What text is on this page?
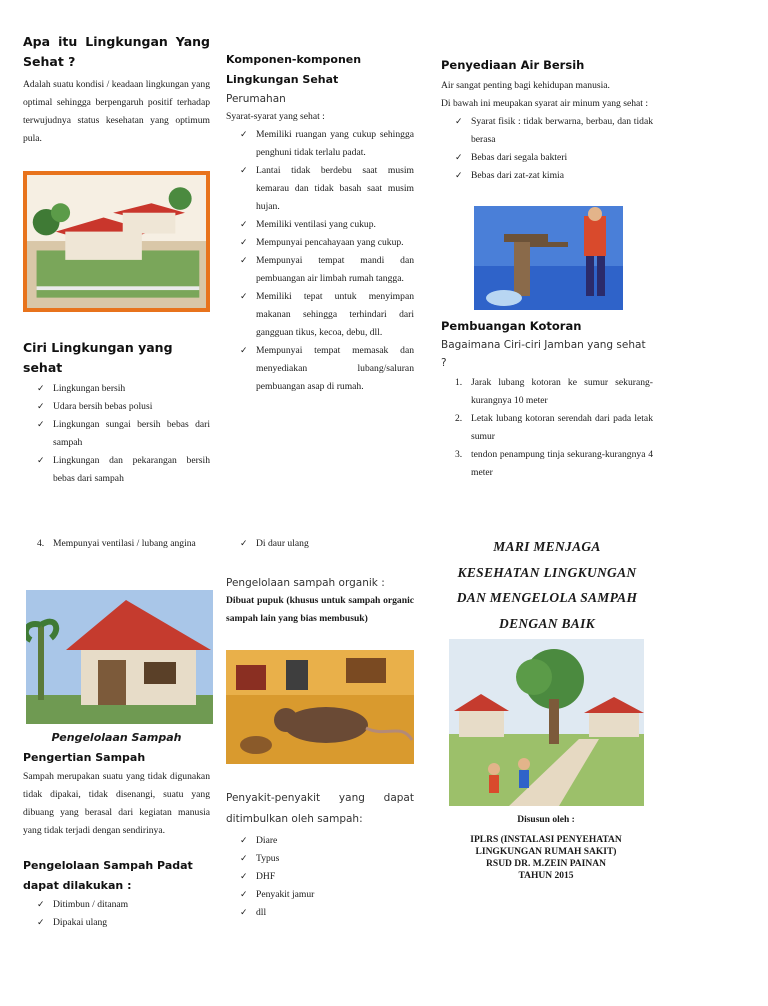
Apa itu Lingkungan Yang
Sehat ?

Adalah suatu kondisi / keadaan lingkungan yang optimal sehingga berpengaruh positif terhadap terwujudnya status kesehatan yang optimum pula.

Ciri Lingkungan yang sehat
✓ Lingkungan bersih
✓ Udara bersih bebas polusi
✓ Lingkungan sungai bersih bebas dari sampah
✓ Lingkungan dan pekarangan bersih bebas dari sampah
Komponen-komponen Lingkungan Sehat
Perumahan
Syarat-syarat yang sehat :
✓ Memiliki ruangan yang cukup sehingga penghuni tidak terlalu padat.
✓ Lantai tidak berdebu saat musim kemarau dan tidak basah saat musim hujan.
✓ Memiliki ventilasi yang cukup.
✓ Mempunyai pencahayaan yang cukup.
✓ Mempunyai tempat mandi dan pembuangan air limbah rumah tangga.
✓ Memiliki tepat untuk menyimpan makanan sehingga terhindari dari gangguan tikus, kecoa, debu, dll.
✓ Mempunyai tempat memasak dan menyediakan lubang/saluran pembuangan asap di rumah.
Penyediaan Air Bersih
Air sangat penting bagi kehidupan manusia.
Di bawah ini meupakan syarat air minum yang sehat :
✓ Syarat fisik : tidak berwarna, berbau, dan tidak berasa
✓ Bebas dari segala bakteri
✓ Bebas dari zat-zat kimia
Pembuangan Kotoran
Bagaimana Ciri-ciri Jamban yang sehat ?
1. Jarak lubang kotoran ke sumur sekurang-kurangnya 10 meter
2. Letak lubang kotoran serendah dari pada letak sumur
3. tendon penampung tinja sekurang-kurangnya 4 meter
4. Mempunyai ventilasi / lubang angina
Pengelolaan Sampah
Pengertian Sampah

Sampah merupakan suatu yang tidak digunakan tidak dipakai, tidak disenangi, suatu yang dibuang yang berasal dari kegiatan manusia yang tidak terjadi dengan sendirinya.

Pengelolaan Sampah Padat dapat dilakukan :
✓ Ditimbun / ditanam
✓ Dipakai ulang
✓ Di daur ulang
Pengelolaan sampah organik :

Dibuat pupuk (khusus untuk sampah organic sampah lain yang bias membusuk)

Penyakit-penyakit yang dapat ditimbulkan oleh sampah:
✓ Diare
✓ Typus
✓ DHF
✓ Penyakit jamur
✓ dll
MARI MENJAGA
KESEHATAN LINGKUNGAN
DAN MENGELOLA SAMPAH
DENGAN BAIK
Disusun oleh :
IPLRS (INSTALASI PENYEHATAN
LINGKUNGAN RUMAH SAKIT)
RSUD DR. M.ZEIN PAINAN
TAHUN 2015
